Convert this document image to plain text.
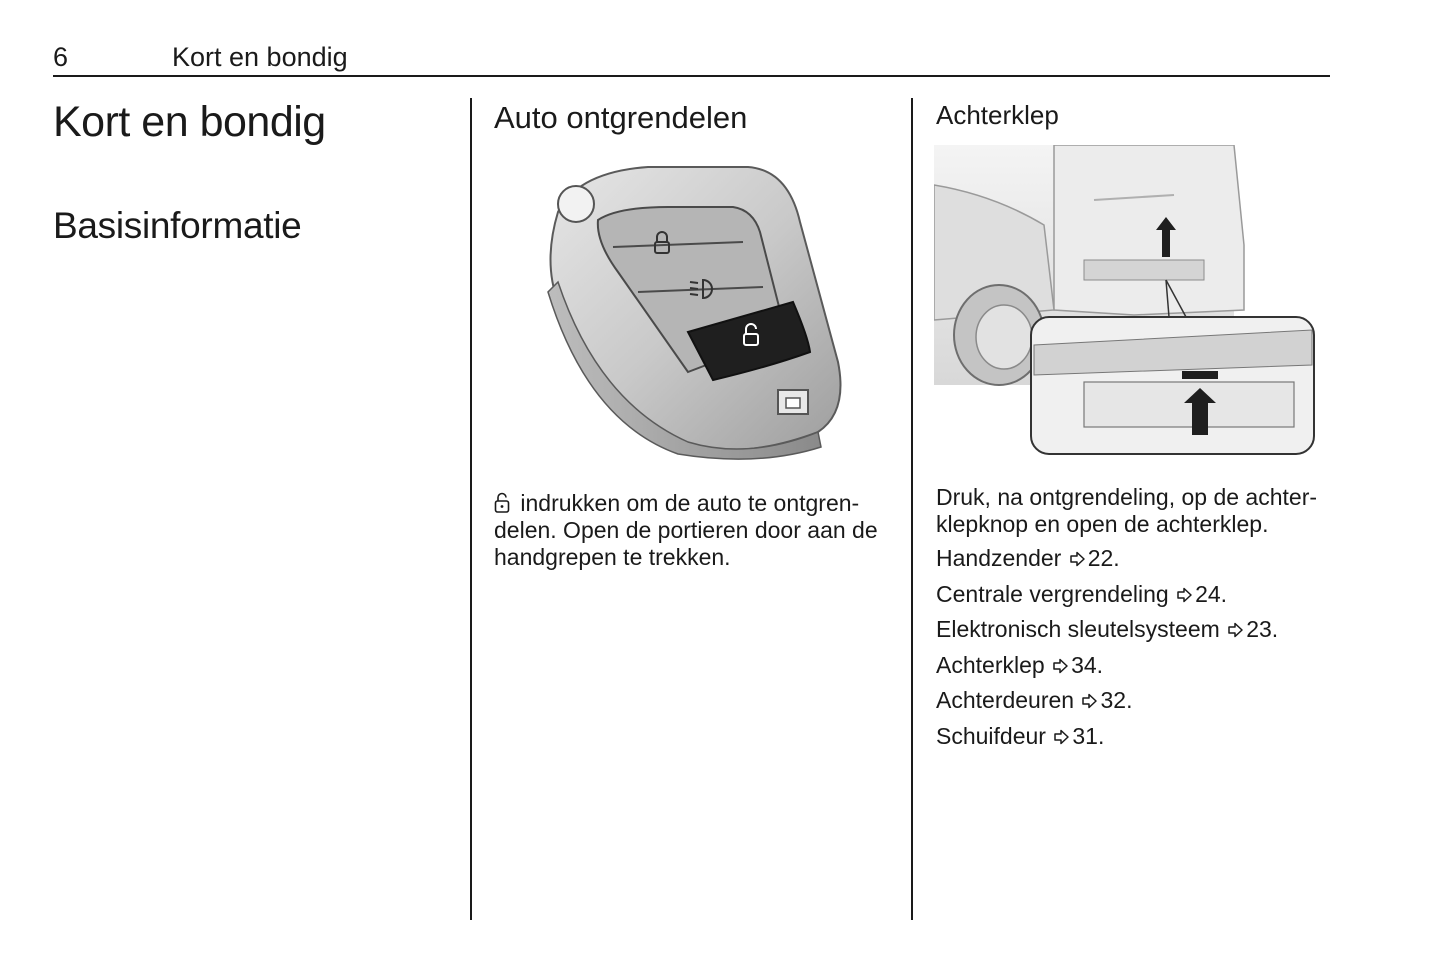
6	Kort en bondig
Kort en bondig
Basisinformatie
Auto ontgrendelen
indrukken om de auto te ontgren-
delen. Open de portieren door aan de
handgrepen te trekken.
Achterklep
Druk, na ontgrendeling, op de achter-
klepknop en open de achterklep.
Handzender 22.
Centrale vergrendeling 24.
Elektronisch sleutelsysteem 23.
Achterklep 34.
Achterdeuren 32.
Schuifdeur 31.
